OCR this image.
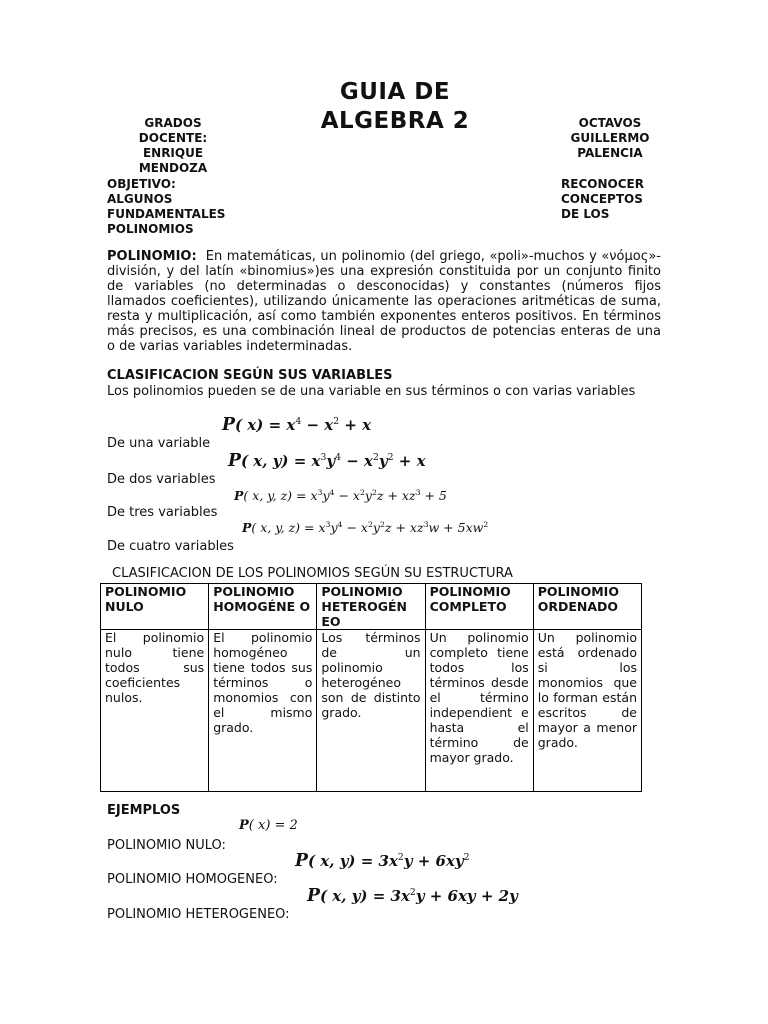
GUIA DE
ALGEBRA 2
GRADOS
DOCENTE:
ENRIQUE
MENDOZA
OCTAVOS
GUILLERMO
PALENCIA
OBJETIVO:
ALGUNOS
FUNDAMENTALES
POLINOMIOS
RECONOCER
CONCEPTOS
DE LOS
POLINOMIO: En matemáticas, un polinomio (del griego, «poli»-muchos y «νόμος»-división, y del latín «binomius»)es una expresión constituida por un conjunto finito de variables (no determinadas o desconocidas) y constantes (números fijos llamados coeficientes), utilizando únicamente las operaciones aritméticas de suma, resta y multiplicación, así como también exponentes enteros positivos. En términos más precisos, es una combinación lineal de productos de potencias enteras de una o de varias variables indeterminadas.
CLASIFICACION SEGÚN SUS VARIABLES
Los polinomios pueden se de una variable en sus términos o con varias variables
P( $x) = x^4 - x^2 + x$
De una variable
P( x, $y) = x^3y^4 - x^2y^2 + x$
De dos variables
P( x, y, $z) = x^3y^4 - x^2y^2z + xz^3 + 5$
De tres variables
P( x, y, $z) = x^3y^4 - x^2y^2z + xz^3w + 5xw^2$
De cuatro variables
CLASIFICACION DE LOS POLINOMIOS SEGÚN SU ESTRUCTURA
POLINOMIO NULO	POLINOMIO HOMOGÉNE O	POLINOMIO HETEROGÉN EO	POLINOMIO COMPLETO	POLINOMIO ORDENADO
El polinomio nulo tiene todos sus coeficientes nulos.	El polinomio homogéneo tiene todos sus términos o monomios con el mismo grado.	Los términos de un polinomio heterogéneo son de distinto grado.	Un polinomio completo tiene todos los términos desde el término independient e hasta el término de mayor grado.	Un polinomio está ordenado si los monomios que lo forman están escritos de mayor a menor grado.
EJEMPLOS
P( x) = 2
POLINOMIO NULO:
P( x, $y) = 3x^2y + 6xy^2$
POLINOMIO HOMOGENEO:
P( x, $y) = 3x^2y + 6xy + 2y$
POLINOMIO HETEROGENEO:
